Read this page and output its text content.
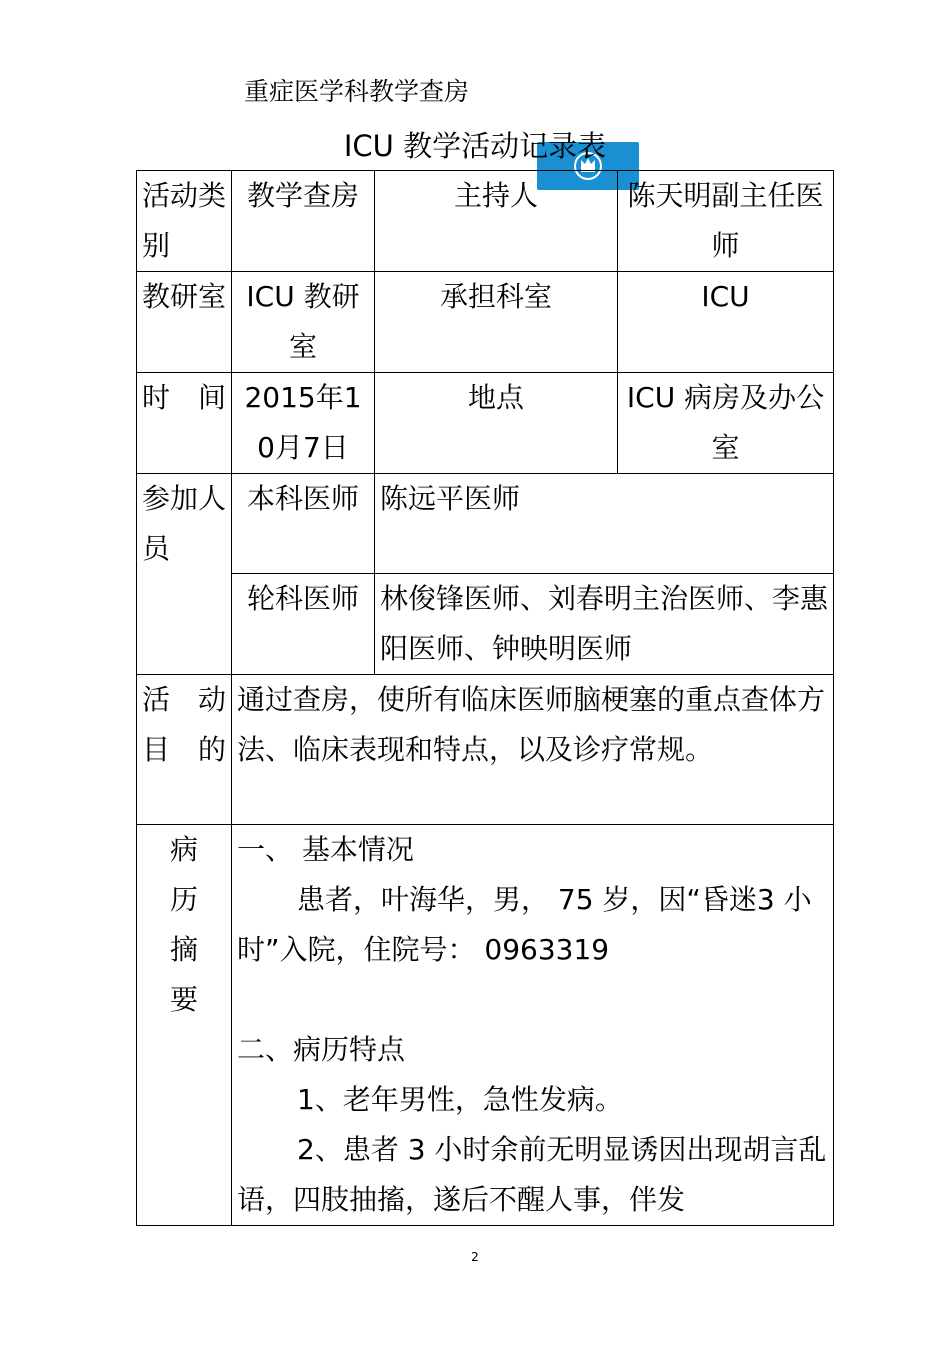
重症医学科教学查房
ICU 教学活动记录表
活动类别	教学查房	主持人	陈天明副主任医师
教研室	ICU 教研室	承担科室	ICU
时间	2015年10月7日	地点	ICU 病房及办公室
参加人员	本科医师	陈远平医师	
	轮科医师	林俊锋医师、刘春明主治医师、李惠阳医师、钟映明医师	
活 动目的	通过查房，使所有临床医师脑梗塞的重点查体方法、临床表现和特点，以及诊疗常规。		
病历摘要	一、 基本情况
患者，叶海华，男， 75 岁，因“昏迷3 小时”入院，住院号： 0963319
二、病历特点
1、老年男性，急性发病。
2、患者 3 小时余前无明显诱因出现胡言乱语，四肢抽搐，遂后不醒人事，伴发		
2
